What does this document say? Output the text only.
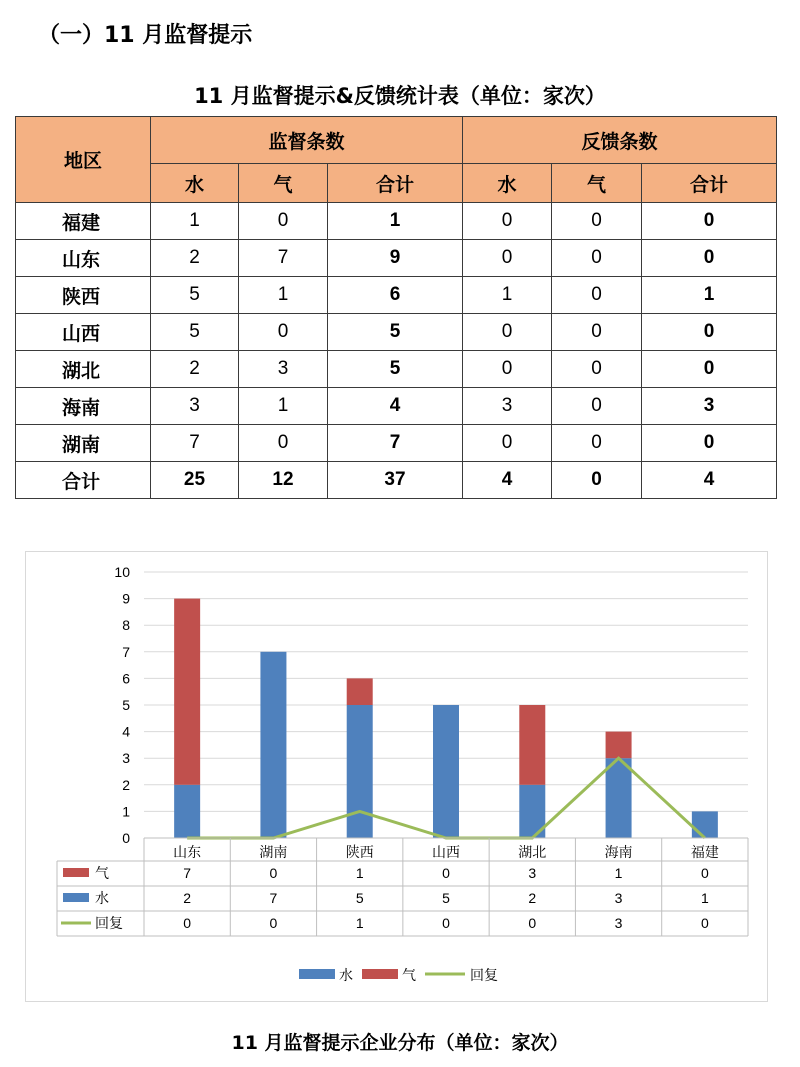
（一）11 月监督提示
11 月监督提示&反馈统计表（单位：家次）
地区	监督条数			反馈条数		
	水	气	合计	水	气	合计
福建	1	0	1	0	0	0
山东	2	7	9	0	0	0
陕西	5	1	6	1	0	1
山西	5	0	5	0	0	0
湖北	2	3	5	0	0	0
海南	3	1	4	3	0	3
湖南	7	0	7	0	0	0
合计	25	12	37	4	0	4
0
1
2
3
4
5
6
7
8
9
10
山东	湖南	陕西	山西	湖北	海南	福建
气	7	0	1	0	3	1	0
水	2	7	5	5	2	3	1
回复	0	0	1	0	0	3	0
水	气	回复
11 月监督提示企业分布（单位：家次）
